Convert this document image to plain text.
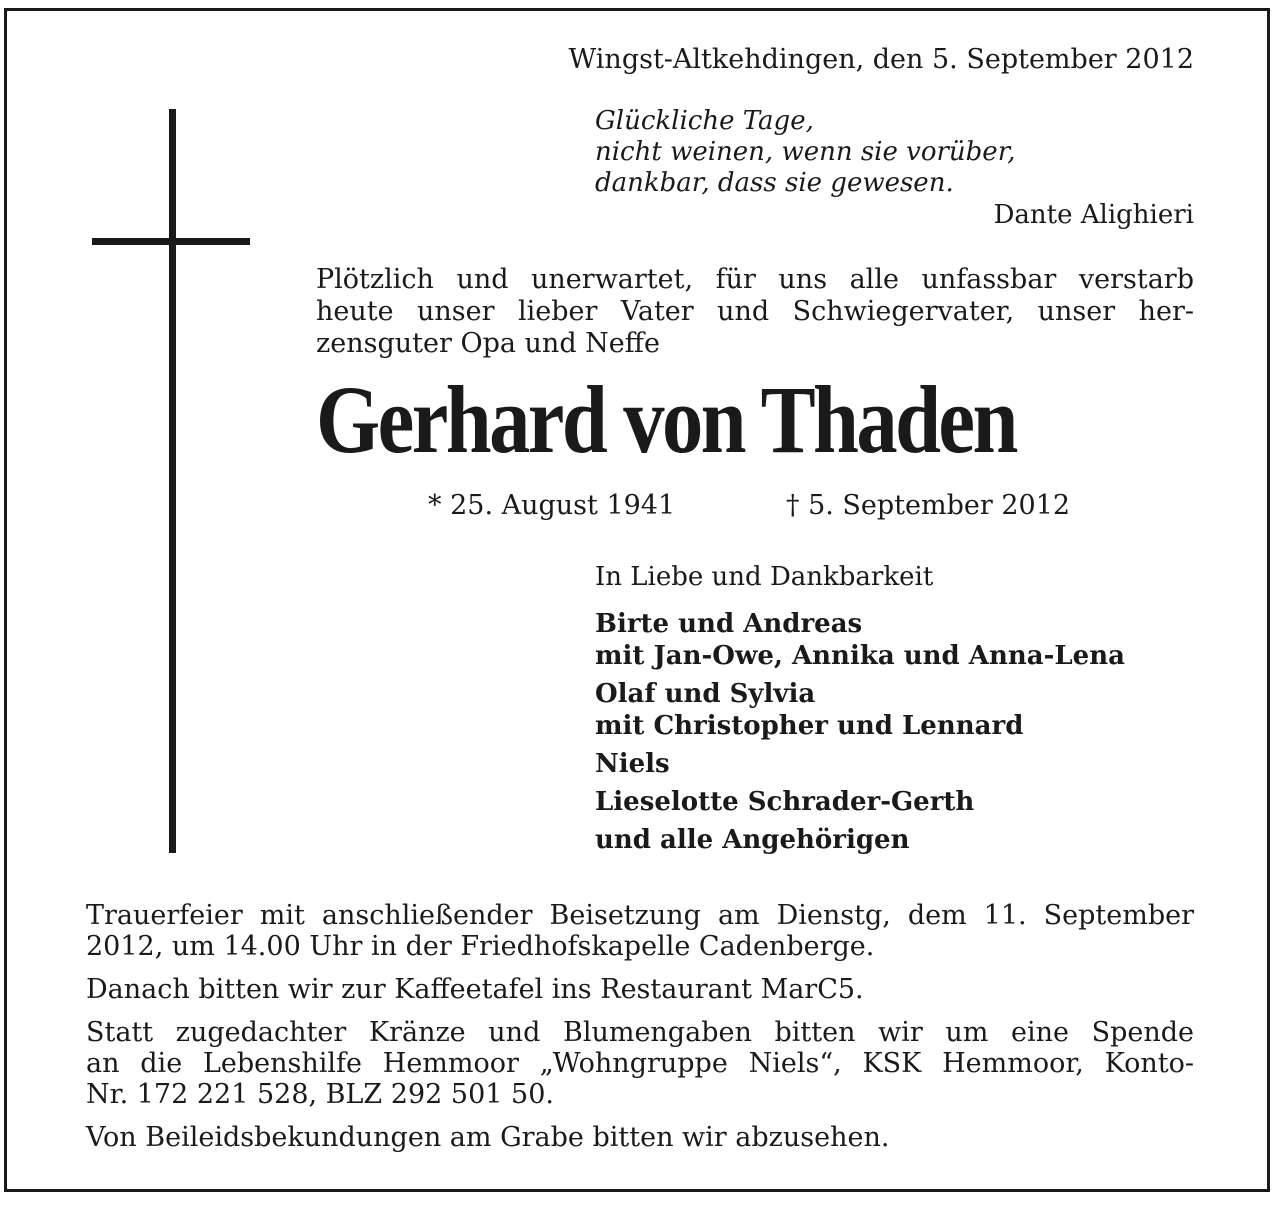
Wingst-Altkehdingen, den 5. September 2012
Glückliche Tage,
nicht weinen, wenn sie vorüber,
dankbar, dass sie gewesen.
Dante Alighieri
Plötzlich und unerwartet, für uns alle unfassbar verstarb
heute unser lieber Vater und Schwiegervater, unser her-
zensguter Opa und Neffe
Gerhard von Thaden
* 25. August 1941	† 5. September 2012
In Liebe und Dankbarkeit
Birte und Andreas
mit Jan-Owe, Annika und Anna-Lena
Olaf und Sylvia
mit Christopher und Lennard
Niels
Lieselotte Schrader-Gerth
und alle Angehörigen

Trauerfeier mit anschließender Beisetzung am Dienstg, dem 11. September
2012, um 14.00 Uhr in der Friedhofskapelle Cadenberge.

Danach bitten wir zur Kaffeetafel ins Restaurant MarC5.

Statt zugedachter Kränze und Blumengaben bitten wir um eine Spende
an die Lebenshilfe Hemmoor „Wohngruppe Niels“, KSK Hemmoor, Konto-
Nr. 172 221 528, BLZ 292 501 50.

Von Beileidsbekundungen am Grabe bitten wir abzusehen.
